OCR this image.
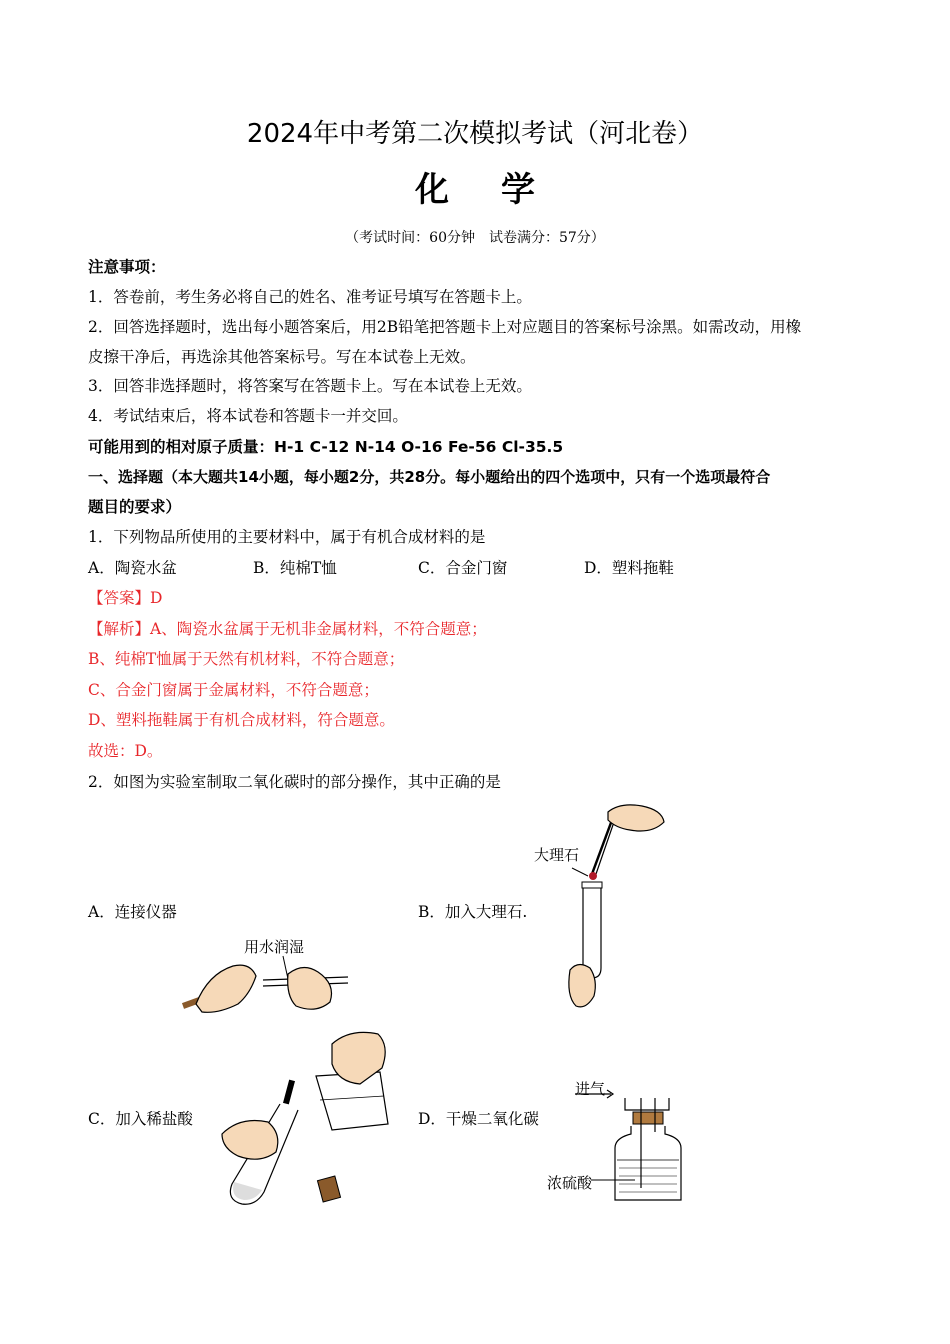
2024年中考第二次模拟考试（河北卷）
化学
（考试时间：60分钟　试卷满分：57分）
注意事项：
1．答卷前，考生务必将自己的姓名、准考证号填写在答题卡上。
2．回答选择题时，选出每小题答案后，用2B铅笔把答题卡上对应题目的答案标号涂黑。如需改动，用橡
皮擦干净后，再选涂其他答案标号。写在本试卷上无效。
3．回答非选择题时，将答案写在答题卡上。写在本试卷上无效。
4．考试结束后，将本试卷和答题卡一并交回。
可能用到的相对原子质量：H-1 C-12 N-14 O-16 Fe-56 Cl-35.5
一、选择题（本大题共14小题，每小题2分，共28分。每小题给出的四个选项中，只有一个选项最符合
题目的要求）
1．下列物品所使用的主要材料中，属于有机合成材料的是
A．陶瓷水盆	B．纯棉T恤	C．合金门窗	D．塑料拖鞋
【答案】D
【解析】A、陶瓷水盆属于无机非金属材料，不符合题意；
B、纯棉T恤属于天然有机材料，不符合题意；
C、合金门窗属于金属材料，不符合题意；
D、塑料拖鞋属于有机合成材料，符合题意。
故选：D。
2．如图为实验室制取二氧化碳时的部分操作，其中正确的是
A．连接仪器	B．加入大理石.
C．加入稀盐酸	D．干燥二氧化碳
用水润湿
大理石
进气
浓硫酸
